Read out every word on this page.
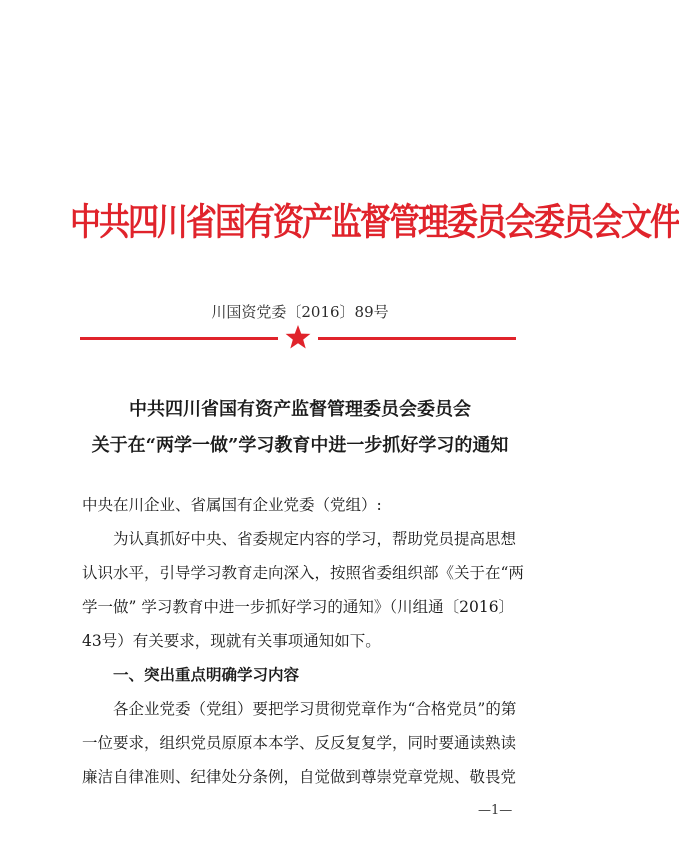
中共四川省国有资产监督管理委员会委员会文件
川国资党委〔2016〕89号
中共四川省国有资产监督管理委员会委员会
关于在“两学一做”学习教育中进一步抓好学习的通知
中央在川企业、省属国有企业党委（党组）:
　　为认真抓好中央、省委规定内容的学习，帮助党员提高思想
认识水平，引导学习教育走向深入，按照省委组织部《关于在“两
学一做” 学习教育中进一步抓好学习的通知》（川组通〔2016〕
43号）有关要求，现就有关事项通知如下。
　　一、突出重点明确学习内容
　　各企业党委（党组）要把学习贯彻党章作为“合格党员”的第
一位要求，组织党员原原本本学、反反复复学，同时要通读熟读
廉洁自律准则、纪律处分条例，自觉做到尊崇党章党规、敬畏党
—1—
